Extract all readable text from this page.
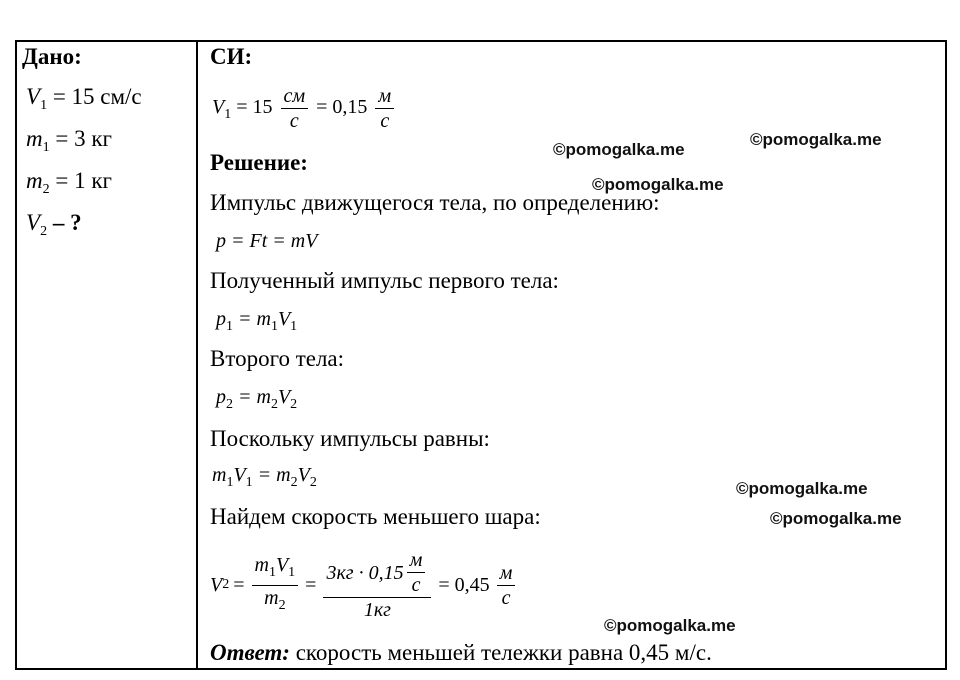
Дано:
$V_1 = 15$ см/с
$m_1 = 3$ кг
$m_2 = 1$ кг
$V_2$ – ?
СИ:
$V_1 = 15 \frac{см}{с} = 0,15 \frac{м}{с}$
Решение:
Импульс движущегося тела, по определению:
p = Ft = mV
Полученный импульс первого тела:
$p_1 = m_1V_1$
Второго тела:
$p_2 = m_2V_2$
Поскольку импульсы равны:
$m_1V_1 = m_2V_2$
Найдем скорость меньшего шара:
V $2 = \frac{m_1V_1}{m_2} = \frac{3кг \cdot 0,15 \frac{м}{с}}{1кг} = 0,45 \frac{м}{с}$
Ответ: скорость меньшей тележки равна 0,45 м/с.
©pomogalka.me
©pomogalka.me
©pomogalka.me
©pomogalka.me
©pomogalka.me
©pomogalka.me
